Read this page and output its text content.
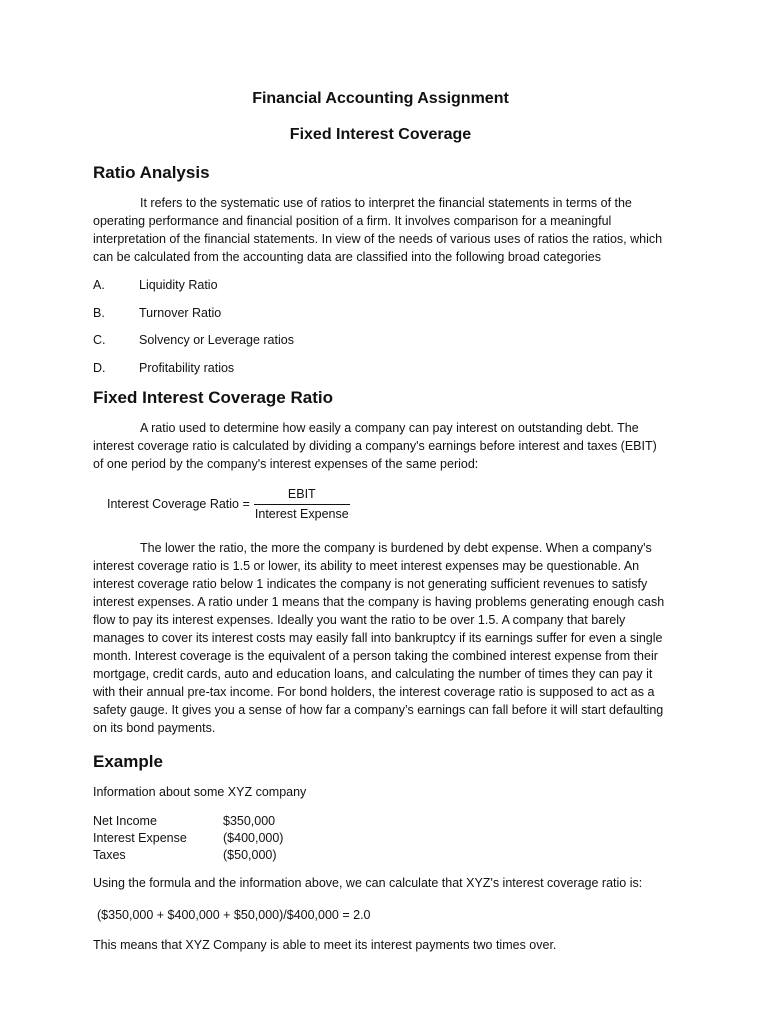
Financial Accounting Assignment
Fixed Interest Coverage
Ratio Analysis

It refers to the systematic use of ratios to interpret the financial statements in terms of the operating performance and financial position of a firm. It involves comparison for a meaningful interpretation of the financial statements. In view of the needs of various uses of ratios the ratios, which can be calculated from the accounting data are classified into the following broad categories

A.	Liquidity Ratio
B.	Turnover Ratio
C.	Solvency or Leverage ratios
D.	Profitability ratios
Fixed Interest Coverage Ratio

A ratio used to determine how easily a company can pay interest on outstanding debt. The interest coverage ratio is calculated by dividing a company's earnings before interest and taxes (EBIT) of one period by the company's interest expenses of the same period:

Interest Coverage Ratio = $\frac{\text{EBIT}}{\text{Interest Expense}}$

The lower the ratio, the more the company is burdened by debt expense. When a company's interest coverage ratio is 1.5 or lower, its ability to meet interest expenses may be questionable. An interest coverage ratio below 1 indicates the company is not generating sufficient revenues to satisfy interest expenses. A ratio under 1 means that the company is having problems generating enough cash flow to pay its interest expenses. Ideally you want the ratio to be over 1.5. A company that barely manages to cover its interest costs may easily fall into bankruptcy if its earnings suffer for even a single month. Interest coverage is the equivalent of a person taking the combined interest expense from their mortgage, credit cards, auto and education loans, and calculating the number of times they can pay it with their annual pre-tax income. For bond holders, the interest coverage ratio is supposed to act as a safety gauge. It gives you a sense of how far a company’s earnings can fall before it will start defaulting on its bond payments.

Example

Information about some XYZ company

Net Income	$350,000
Interest Expense	($400,000)
Taxes	($50,000)

Using the formula and the information above, we can calculate that XYZ's interest coverage ratio is:

($350,000 + $400,000 + $50,000)/$400,000 = 2.0

This means that XYZ Company is able to meet its interest payments two times over.
